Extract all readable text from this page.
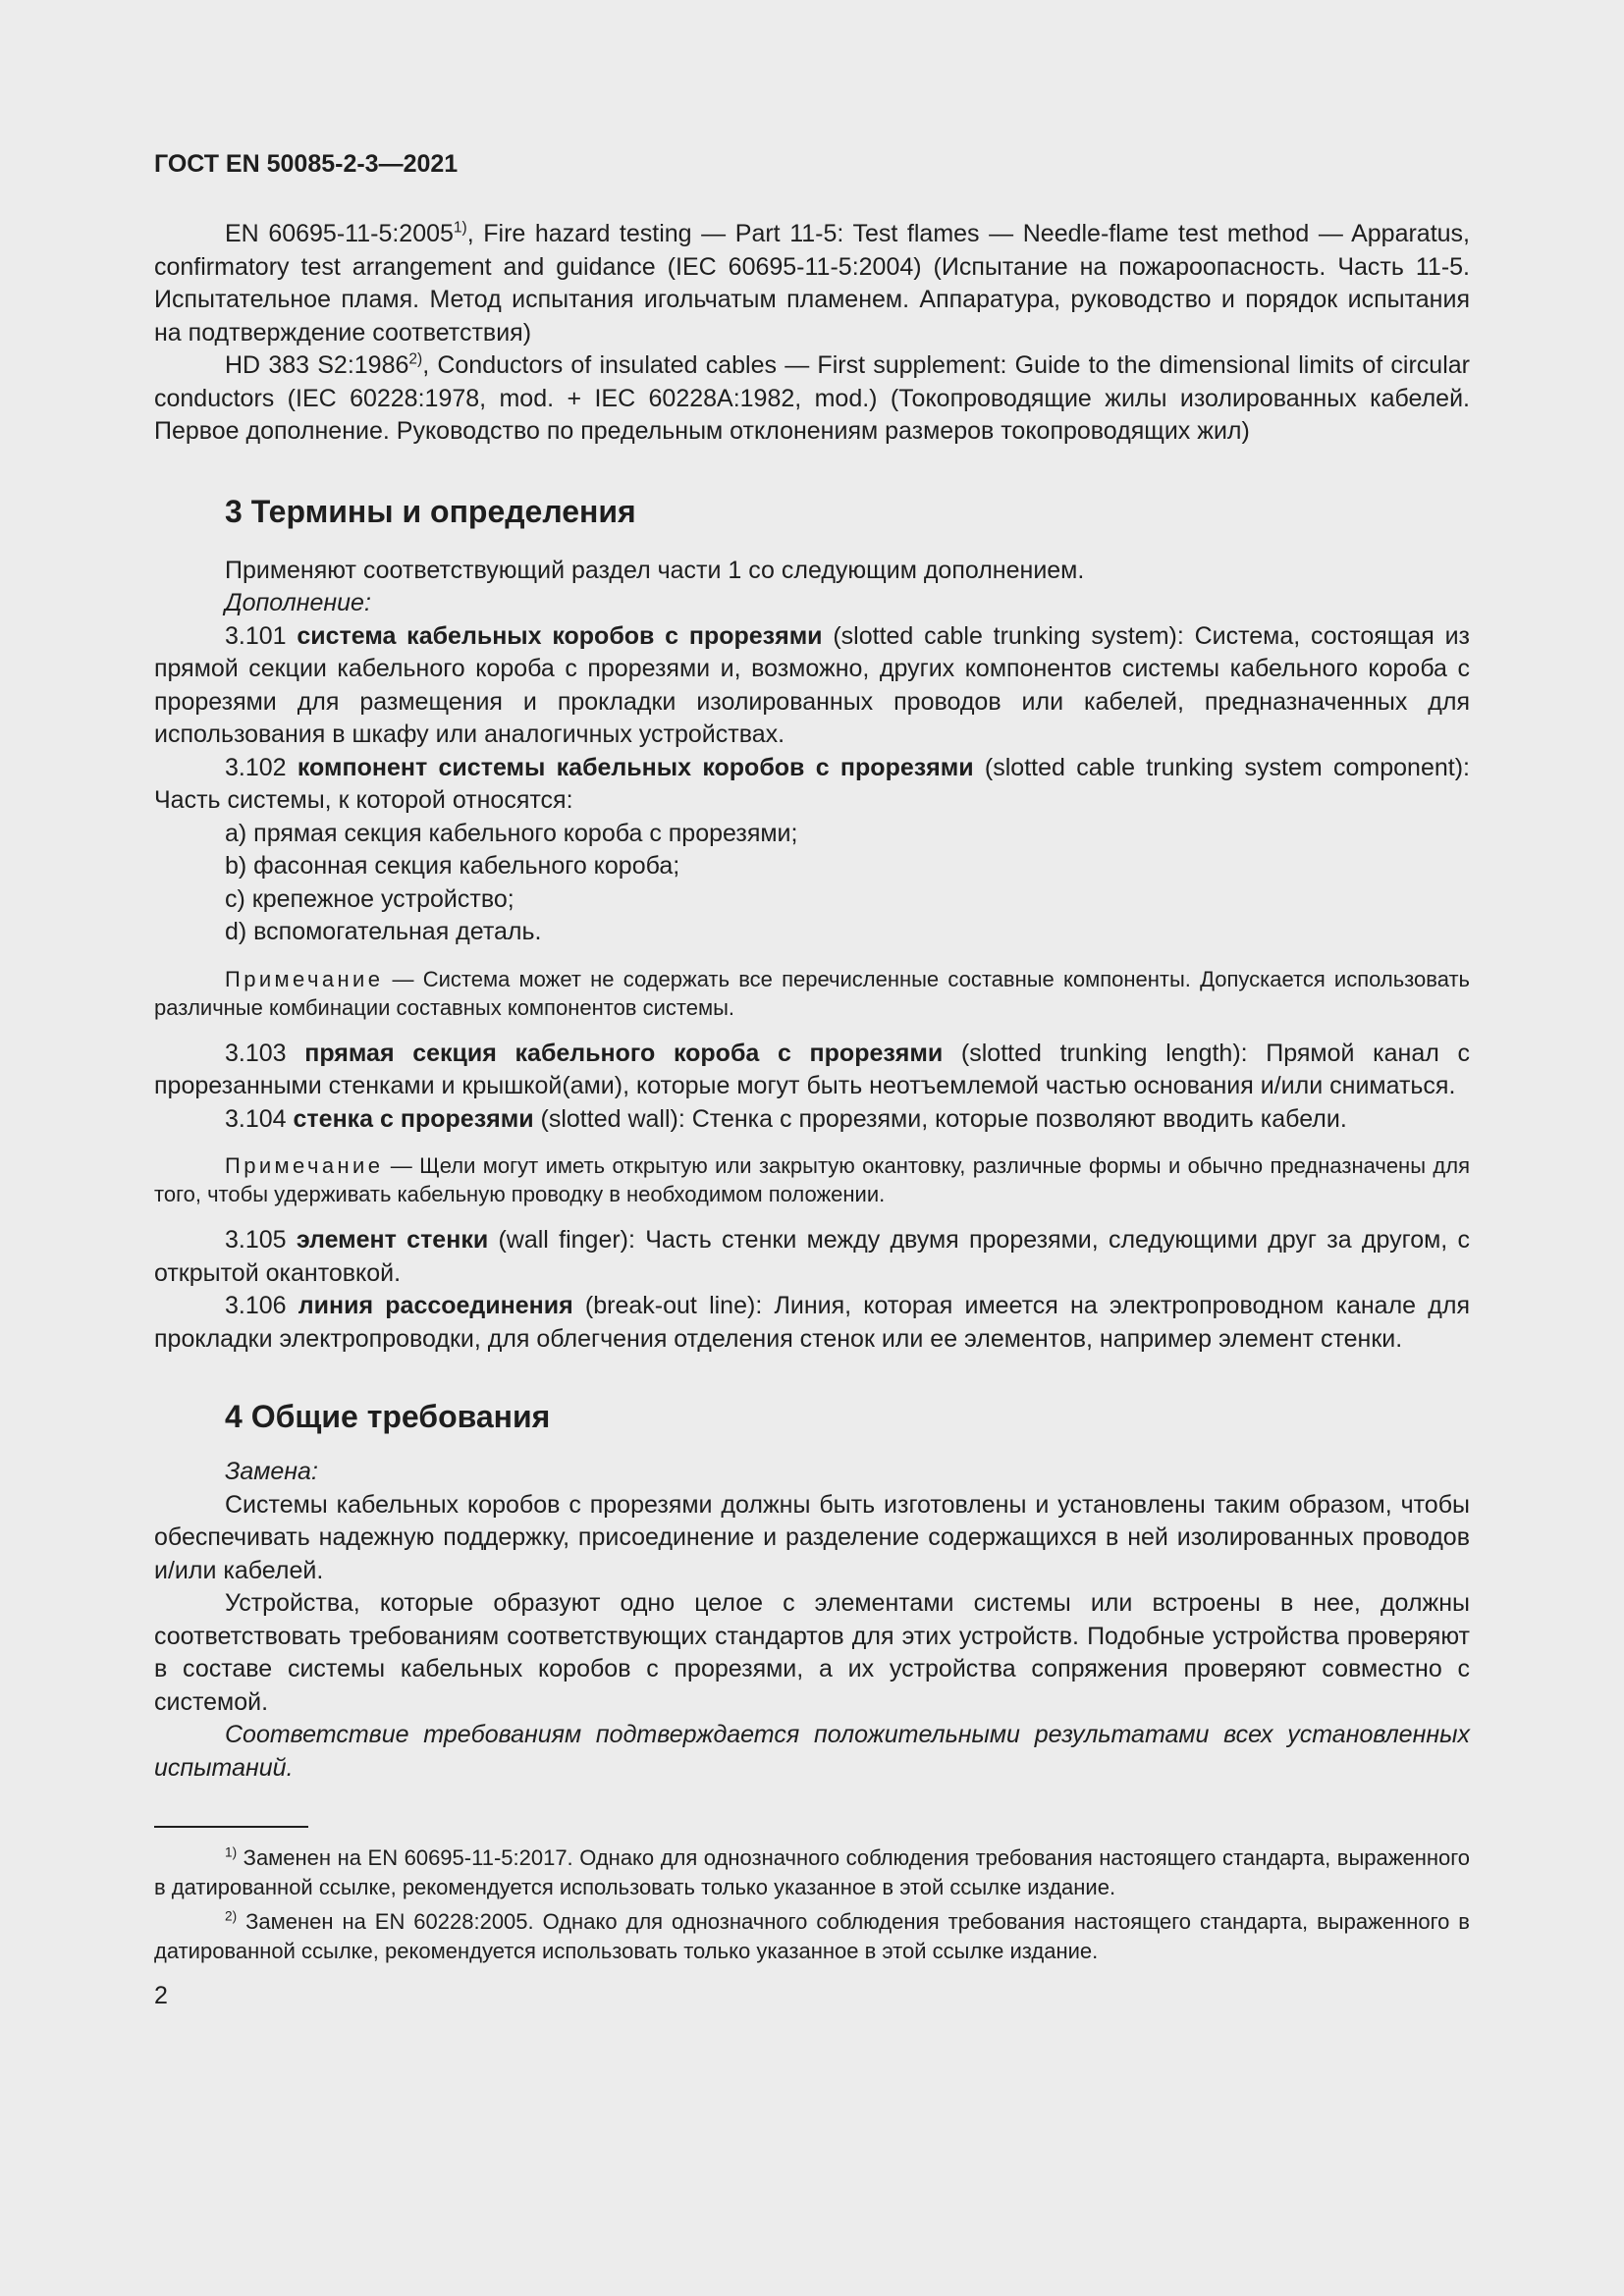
ГОСТ EN 50085-2-3—2021

EN 60695-11-5:2005$^{1)}$, Fire hazard testing — Part 11-5: Test flames — Needle-flame test method — Apparatus, confirmatory test arrangement and guidance (IEC 60695-11-5:2004) (Испытание на пожароопасность. Часть 11-5. Испытательное пламя. Метод испытания игольчатым пламенем. Аппаратура, руководство и порядок испытания на подтверждение соответствия)

HD 383 S2:1986$^{2)}$, Conductors of insulated cables — First supplement: Guide to the dimensional limits of circular conductors (IEC 60228:1978, mod. + IEC 60228A:1982, mod.) (Токопроводящие жилы изолированных кабелей. Первое дополнение. Руководство по предельным отклонениям размеров токопроводящих жил)

3 Термины и определения

Применяют соответствующий раздел части 1 со следующим дополнением.

Дополнение:

3.101 система кабельных коробов с прорезями (slotted cable trunking system): Система, состоящая из прямой секции кабельного короба с прорезями и, возможно, других компонентов системы кабельного короба с прорезями для размещения и прокладки изолированных проводов или кабелей, предназначенных для использования в шкафу или аналогичных устройствах.

3.102 компонент системы кабельных коробов с прорезями (slotted cable trunking system component): Часть системы, к которой относятся:

a) прямая секция кабельного короба с прорезями;
b) фасонная секция кабельного короба;
c) крепежное устройство;
d) вспомогательная деталь.
Примечание — Система может не содержать все перечисленные составные компоненты. Допускается использовать различные комбинации составных компонентов системы.

3.103 прямая секция кабельного короба с прорезями (slotted trunking length): Прямой канал с прорезанными стенками и крышкой(ами), которые могут быть неотъемлемой частью основания и/или сниматься.

3.104 стенка с прорезями (slotted wall): Стенка с прорезями, которые позволяют вводить кабели.

Примечание — Щели могут иметь открытую или закрытую окантовку, различные формы и обычно предназначены для того, чтобы удерживать кабельную проводку в необходимом положении.

3.105 элемент стенки (wall finger): Часть стенки между двумя прорезями, следующими друг за другом, с открытой окантовкой.

3.106 линия рассоединения (break-out line): Линия, которая имеется на электропроводном канале для прокладки электропроводки, для облегчения отделения стенок или ее элементов, например элемент стенки.

4 Общие требования

Замена:

Системы кабельных коробов с прорезями должны быть изготовлены и установлены таким образом, чтобы обеспечивать надежную поддержку, присоединение и разделение содержащихся в ней изолированных проводов и/или кабелей.

Устройства, которые образуют одно целое с элементами системы или встроены в нее, должны соответствовать требованиям соответствующих стандартов для этих устройств. Подобные устройства проверяют в составе системы кабельных коробов с прорезями, а их устройства сопряжения проверяют совместно с системой.

Соответствие требованиям подтверждается положительными результатами всех установленных испытаний.

$^{1)}$ Заменен на EN 60695-11-5:2017. Однако для однозначного соблюдения требования настоящего стандарта, выраженного в датированной ссылке, рекомендуется использовать только указанное в этой ссылке издание.

$^{2)}$ Заменен на EN 60228:2005. Однако для однозначного соблюдения требования настоящего стандарта, выраженного в датированной ссылке, рекомендуется использовать только указанное в этой ссылке издание.

2
